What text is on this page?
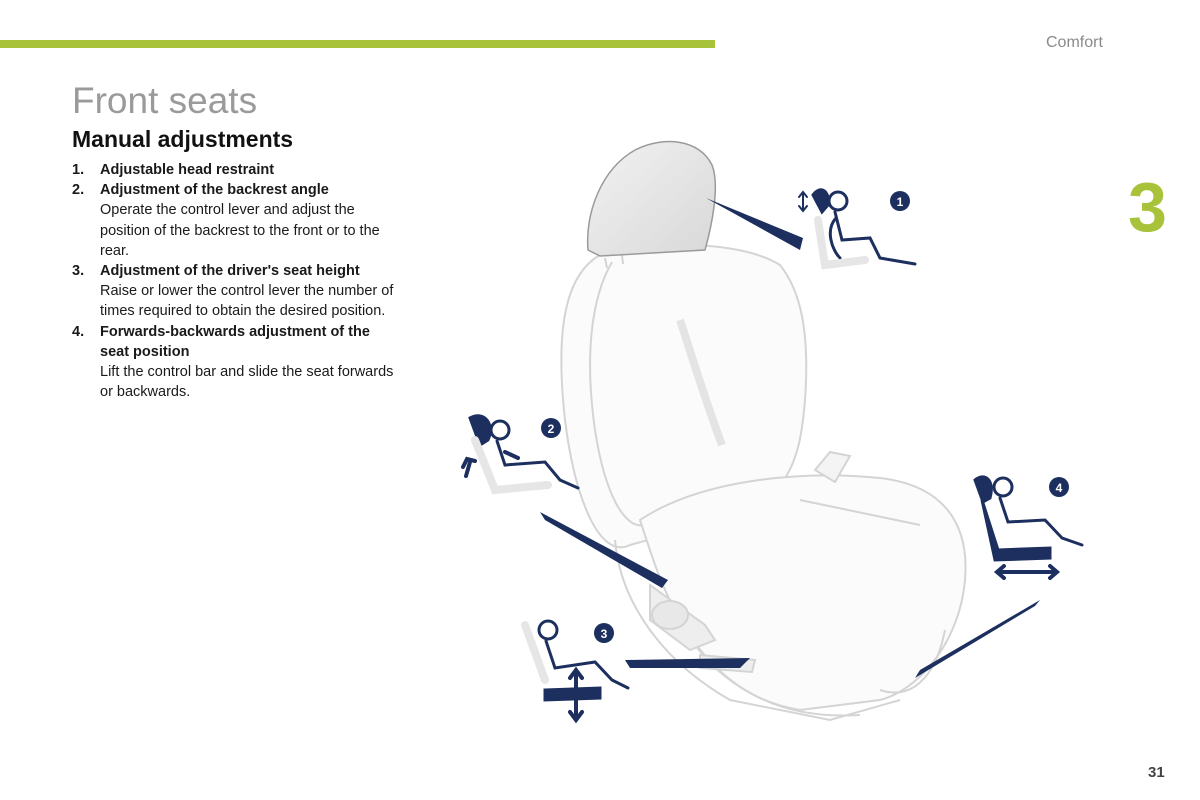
Comfort
3
Front seats
Manual adjustments
1. Adjustable head restraint
2. Adjustment of the backrest angle
Operate the control lever and adjust the position of the backrest to the front or to the rear.
3. Adjustment of the driver's seat height
Raise or lower the control lever the number of times required to obtain the desired position.
4. Forwards-backwards adjustment of the seat position
Lift the control bar and slide the seat forwards or backwards.
1
2
3
4
31
